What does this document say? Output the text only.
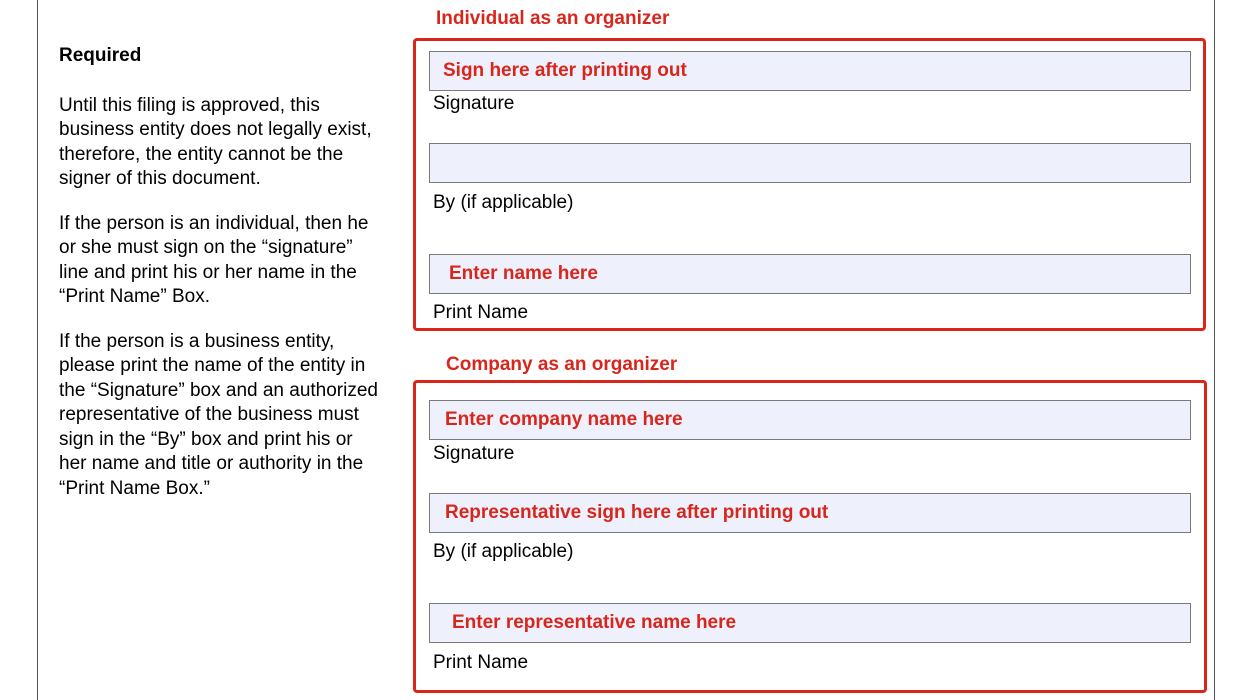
Required

Until this filing is approved, this business entity does not legally exist, therefore, the entity cannot be the signer of this document.

If the person is an individual, then he or she must sign on the “signature” line and print his or her name in the “Print Name” Box.

If the person is a business entity, please print the name of the entity in the “Signature” box and an authorized representative of the business must sign in the “By” box and print his or her name and title or authority in the “Print Name Box.”

Individual as an organizer
Sign here after printing out
Signature
By (if applicable)
Enter name here
Print Name
Company as an organizer
Enter company name here
Signature
Representative sign here after printing out
By (if applicable)
Enter representative name here
Print Name
